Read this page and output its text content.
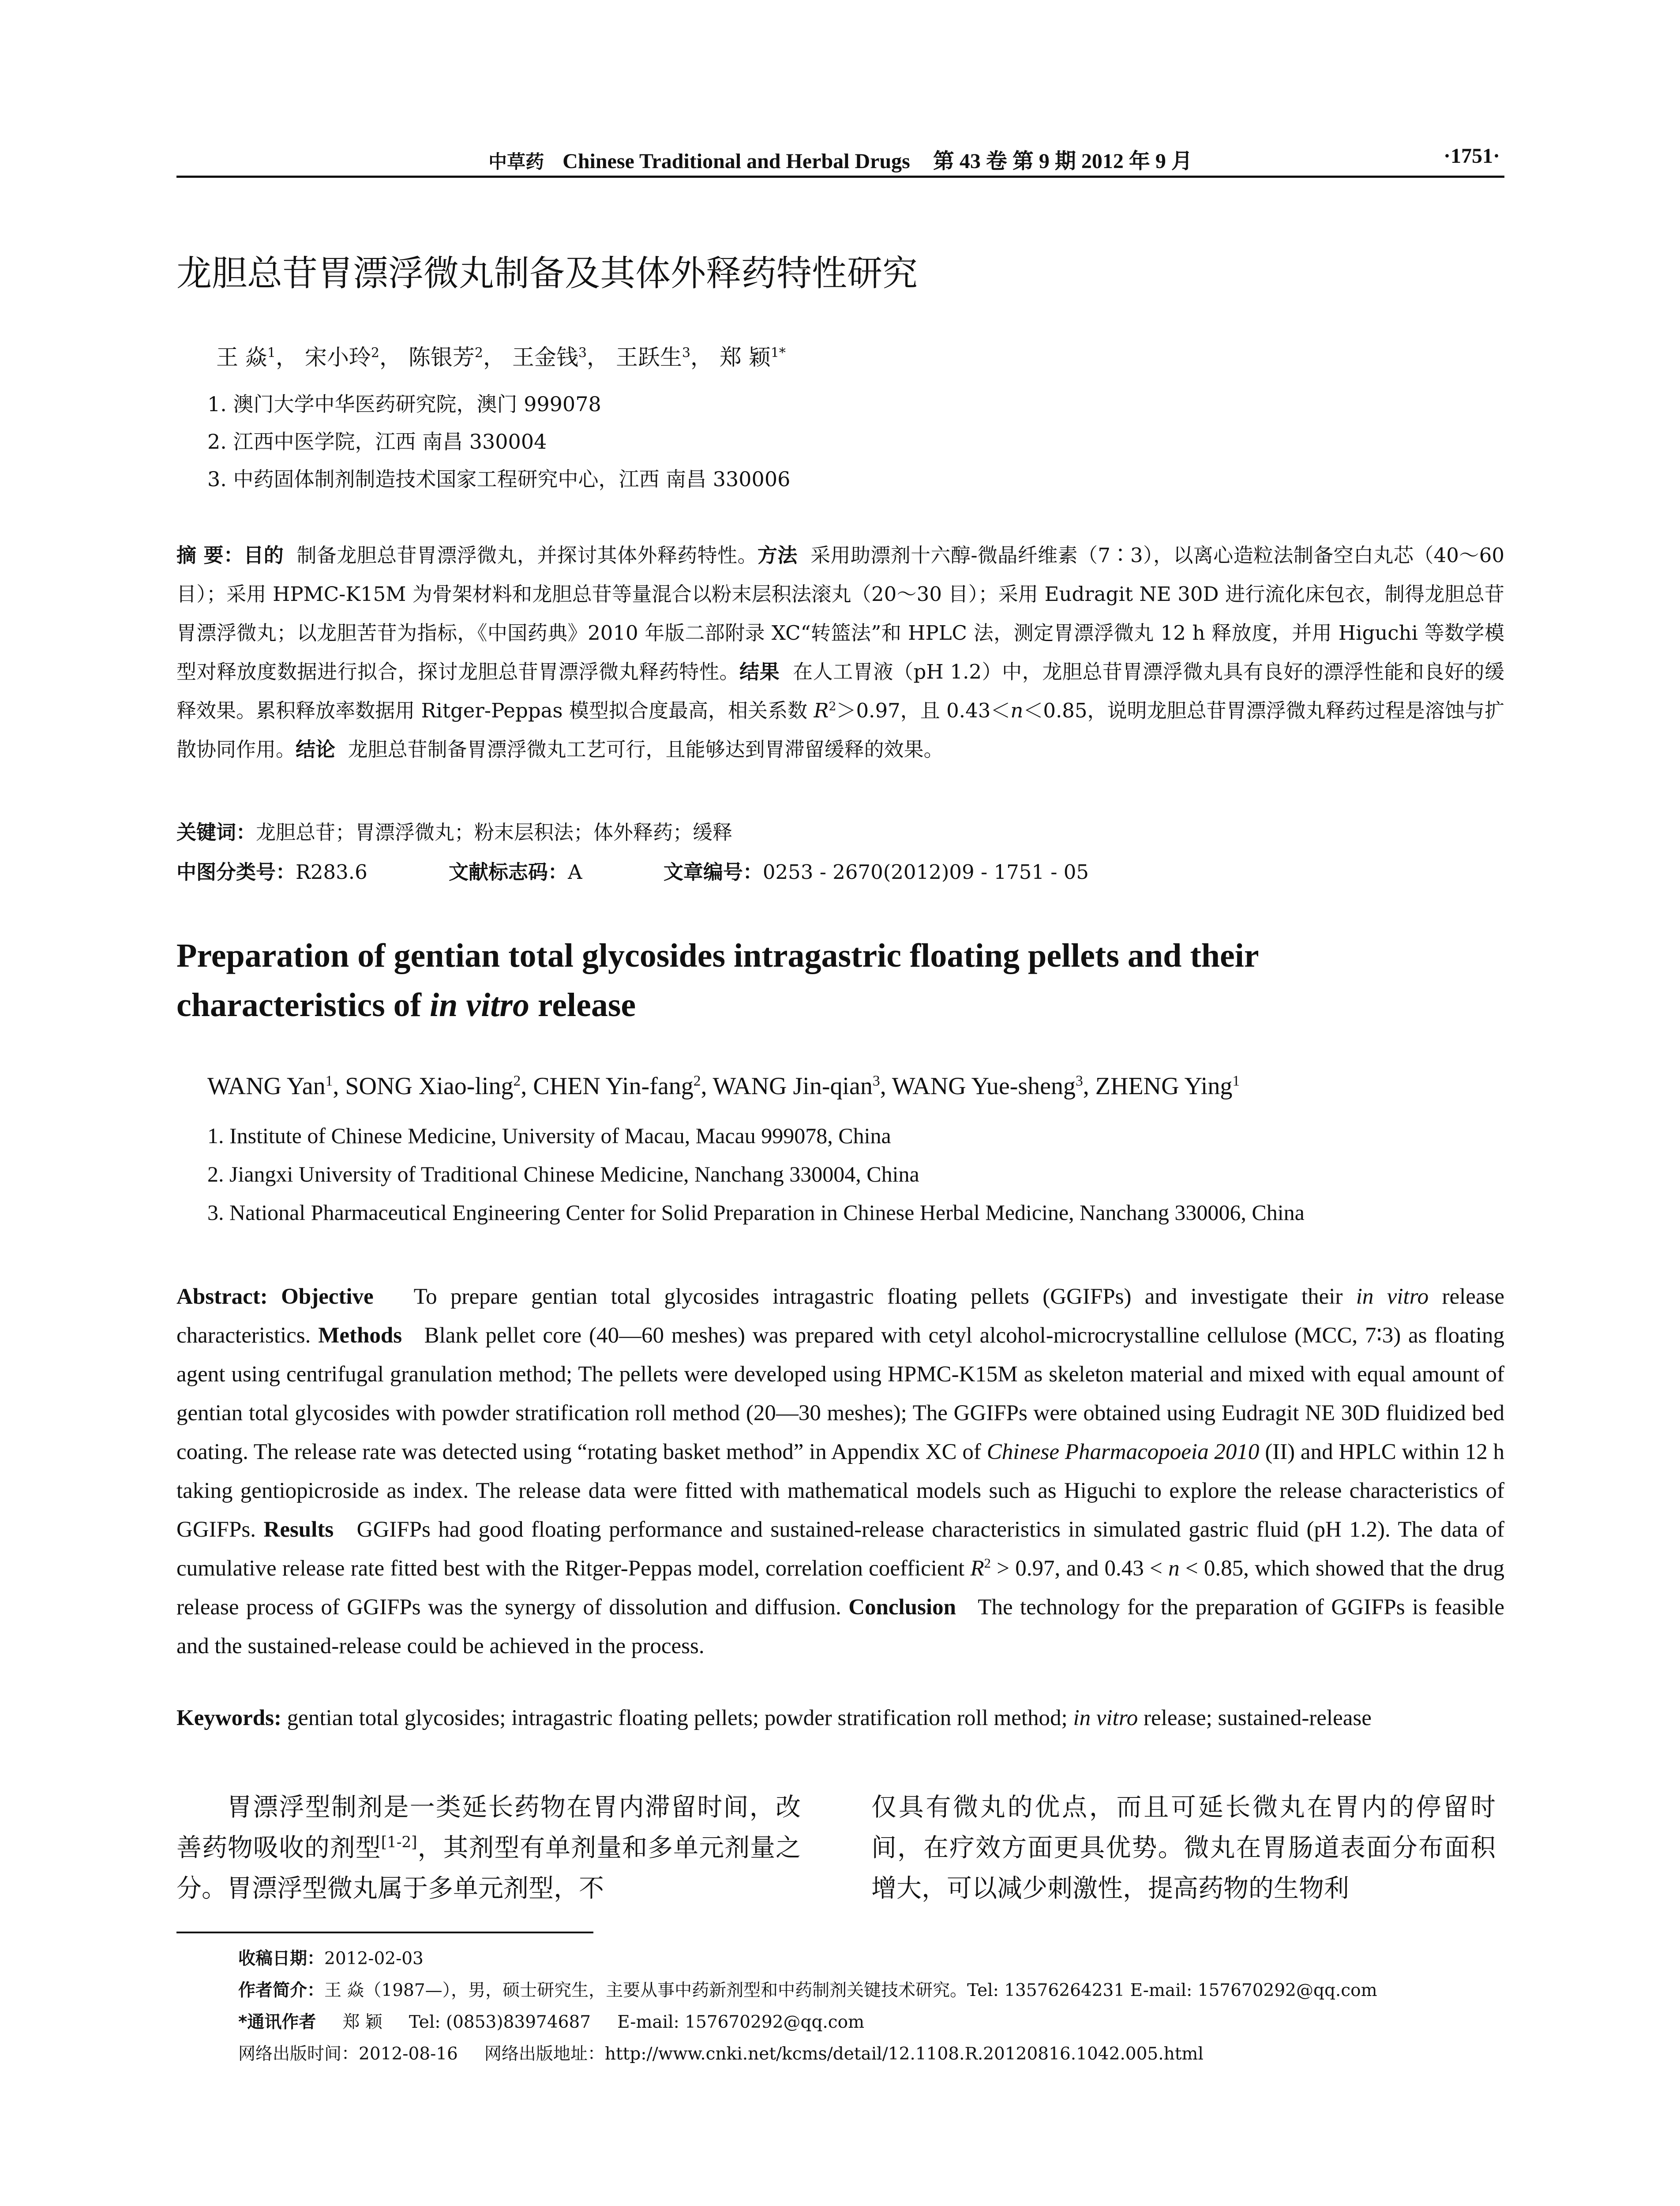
中草药 Chinese Traditional and Herbal Drugs 第 43 卷 第 9 期 2012 年 9 月	·1751·
龙胆总苷胃漂浮微丸制备及其体外释药特性研究
王 焱$^1$， 宋小玲$^2$， 陈银芳$^2$， 王金钱$^3$， 王跃生$^3$， 郑 颖$^{1*}$
1. 澳门大学中华医药研究院，澳门 999078
2. 江西中医学院，江西 南昌 330004
3. 中药固体制剂制造技术国家工程研究中心，江西 南昌 330006
摘 要：目的 制备龙胆总苷胃漂浮微丸，并探讨其体外释药特性。方法 采用助漂剂十六醇-微晶纤维素（7∶3），以离心造粒法制备空白丸芯（40～60 目）；采用 HPMC-K15M 为骨架材料和龙胆总苷等量混合以粉末层积法滚丸（20～30 目）；采用 Eudragit NE 30D 进行流化床包衣，制得龙胆总苷胃漂浮微丸；以龙胆苦苷为指标，《中国药典》2010 年版二部附录 XC“转篮法”和 HPLC 法，测定胃漂浮微丸 12 h 释放度，并用 Higuchi 等数学模型对释放度数据进行拟合，探讨龙胆总苷胃漂浮微丸释药特性。结果 在人工胃液（pH 1.2）中，龙胆总苷胃漂浮微丸具有良好的漂浮性能和良好的缓释效果。累积释放率数据用 Ritger-Peppas 模型拟合度最高，相关系数 $R^2>0.97$，且 0.43＜n＜0.85，说明龙胆总苷胃漂浮微丸释药过程是溶蚀与扩散协同作用。结论 龙胆总苷制备胃漂浮微丸工艺可行，且能够达到胃滞留缓释的效果。
关键词：龙胆总苷；胃漂浮微丸；粉末层积法；体外释药；缓释
中图分类号：R283.6	文献标志码：A	文章编号：0253 - 2670(2012)09 - 1751 - 05
Preparation of gentian total glycosides intragastric floating pellets and their
characteristics of in vitro release
WANG Yan$^1$, SONG Xiao-ling$^2$, CHEN Yin-fang$^2$, WANG Jin-qian$^3$, WANG Yue-sheng$^3$, ZHENG Ying$^1$
1. Institute of Chinese Medicine, University of Macau, Macau 999078, China
2. Jiangxi University of Traditional Chinese Medicine, Nanchang 330004, China
3. National Pharmaceutical Engineering Center for Solid Preparation in Chinese Herbal Medicine, Nanchang 330006, China
Abstract: Objective To prepare gentian total glycosides intragastric floating pellets (GGIFPs) and investigate their in vitro release characteristics. Methods Blank pellet core (40—60 meshes) was prepared with cetyl alcohol-microcrystalline cellulose (MCC, 7∶3) as floating agent using centrifugal granulation method; The pellets were developed using HPMC-K15M as skeleton material and mixed with equal amount of gentian total glycosides with powder stratification roll method (20—30 meshes); The GGIFPs were obtained using Eudragit NE 30D fluidized bed coating. The release rate was detected using “rotating basket method” in Appendix XC of Chinese Pharmacopoeia 2010 (II) and HPLC within 12 h taking gentiopicroside as index. The release data were fitted with mathematical models such as Higuchi to explore the release characteristics of GGIFPs. Results GGIFPs had good floating performance and sustained-release characteristics in simulated gastric fluid (pH 1.2). The data of cumulative release rate fitted best with the Ritger-Peppas model, correlation coefficient $R^2 > 0.97$, and 0.43 < n < 0.85, which showed that the drug release process of GGIFPs was the synergy of dissolution and diffusion. Conclusion The technology for the preparation of GGIFPs is feasible and the sustained-release could be achieved in the process.
Keywords: gentian total glycosides; intragastric floating pellets; powder stratification roll method; in vitro release; sustained-release
胃漂浮型制剂是一类延长药物在胃内滞留时间，改善药物吸收的剂型[1-2]，其剂型有单剂量和多单元剂量之分。胃漂浮型微丸属于多单元剂型，不
仅具有微丸的优点，而且可延长微丸在胃内的停留时间，在疗效方面更具优势。微丸在胃肠道表面分布面积增大，可以减少刺激性，提高药物的生物利
收稿日期：2012-02-03
作者简介：王 焱（1987—），男，硕士研究生，主要从事中药新剂型和中药制剂关键技术研究。Tel: 13576264231 E-mail: 157670292@qq.com
*通讯作者 郑 颖 Tel: (0853)83974687 E-mail: 157670292@qq.com
网络出版时间：2012-08-16 网络出版地址：http://www.cnki.net/kcms/detail/12.1108.R.20120816.1042.005.html
